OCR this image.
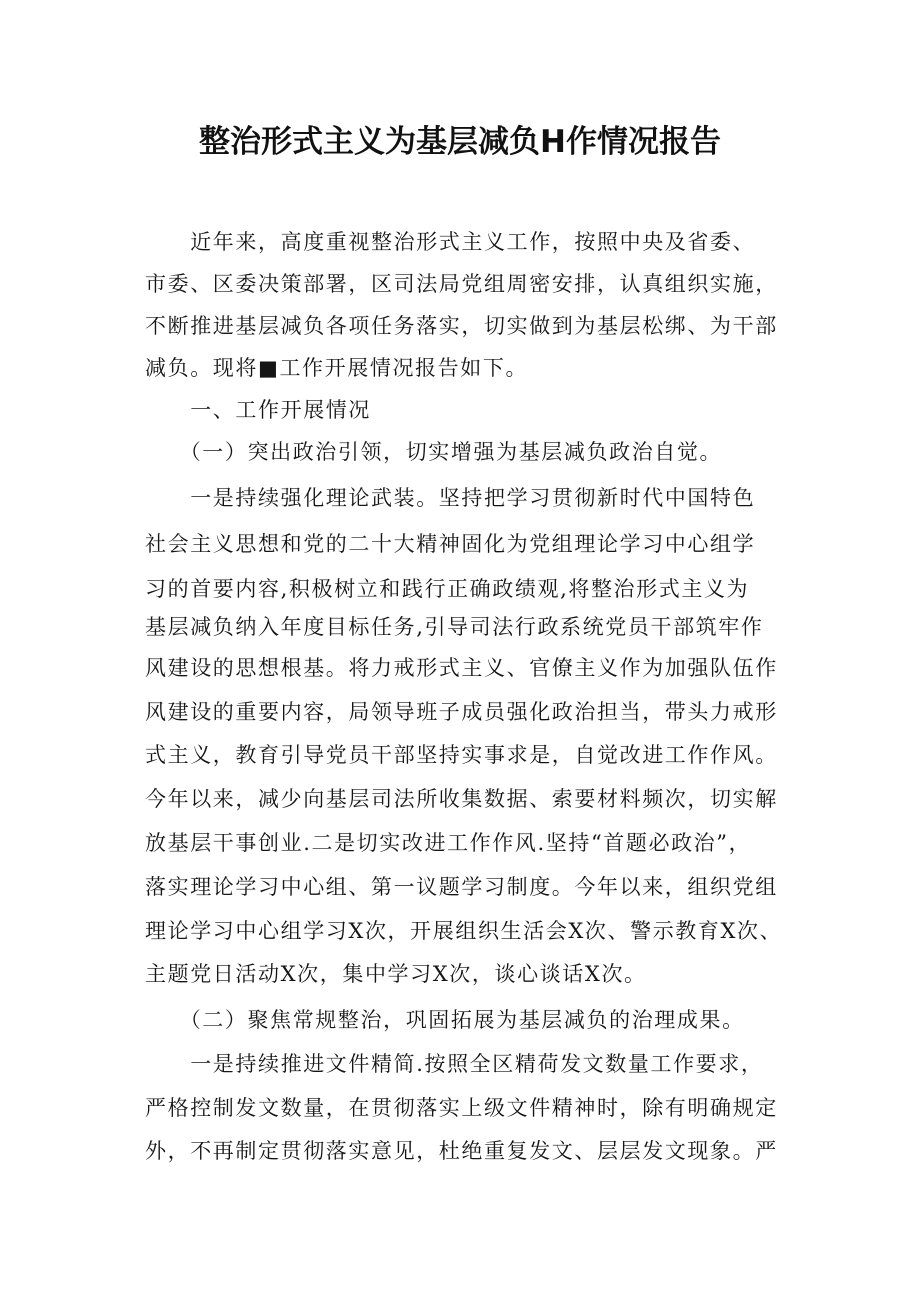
整治形式主义为基层减负H作情况报告
　　近年来，高度重视整治形式主义工作，按照中央及省委、
市委、区委决策部署，区司法局党组周密安排，认真组织实施，
不断推进基层减负各项任务落实，切实做到为基层松绑、为干部
减负。现将■工作开展情况报告如下。
　　一、工作开展情况
　　（一）突出政治引领，切实增强为基层减负政治自觉。
　　一是持续强化理论武装。坚持把学习贯彻新时代中国特色
社会主义思想和党的二十大精神固化为党组理论学习中心组学
习的首要内容,积极树立和践行正确政绩观,将整治形式主义为
基层减负纳入年度目标任务,引导司法行政系统党员干部筑牢作
风建设的思想根基。将力戒形式主义、官僚主义作为加强队伍作
风建设的重要内容，局领导班子成员强化政治担当，带头力戒形
式主义，教育引导党员干部坚持实事求是，自觉改进工作作风。
今年以来，减少向基层司法所收集数据、索要材料频次，切实解
放基层干事创业.二是切实改进工作作风.坚持“首题必政治”，
落实理论学习中心组、第一议题学习制度。今年以来，组织党组
理论学习中心组学习X次，开展组织生活会X次、警示教育X次、
主题党日活动X次，集中学习X次，谈心谈话X次。
　　（二）聚焦常规整治，巩固拓展为基层减负的治理成果。
　　一是持续推进文件精简.按照全区精荷发文数量工作要求，
严格控制发文数量，在贯彻落实上级文件精神时，除有明确规定
外，不再制定贯彻落实意见，杜绝重复发文、层层发文现象。严
